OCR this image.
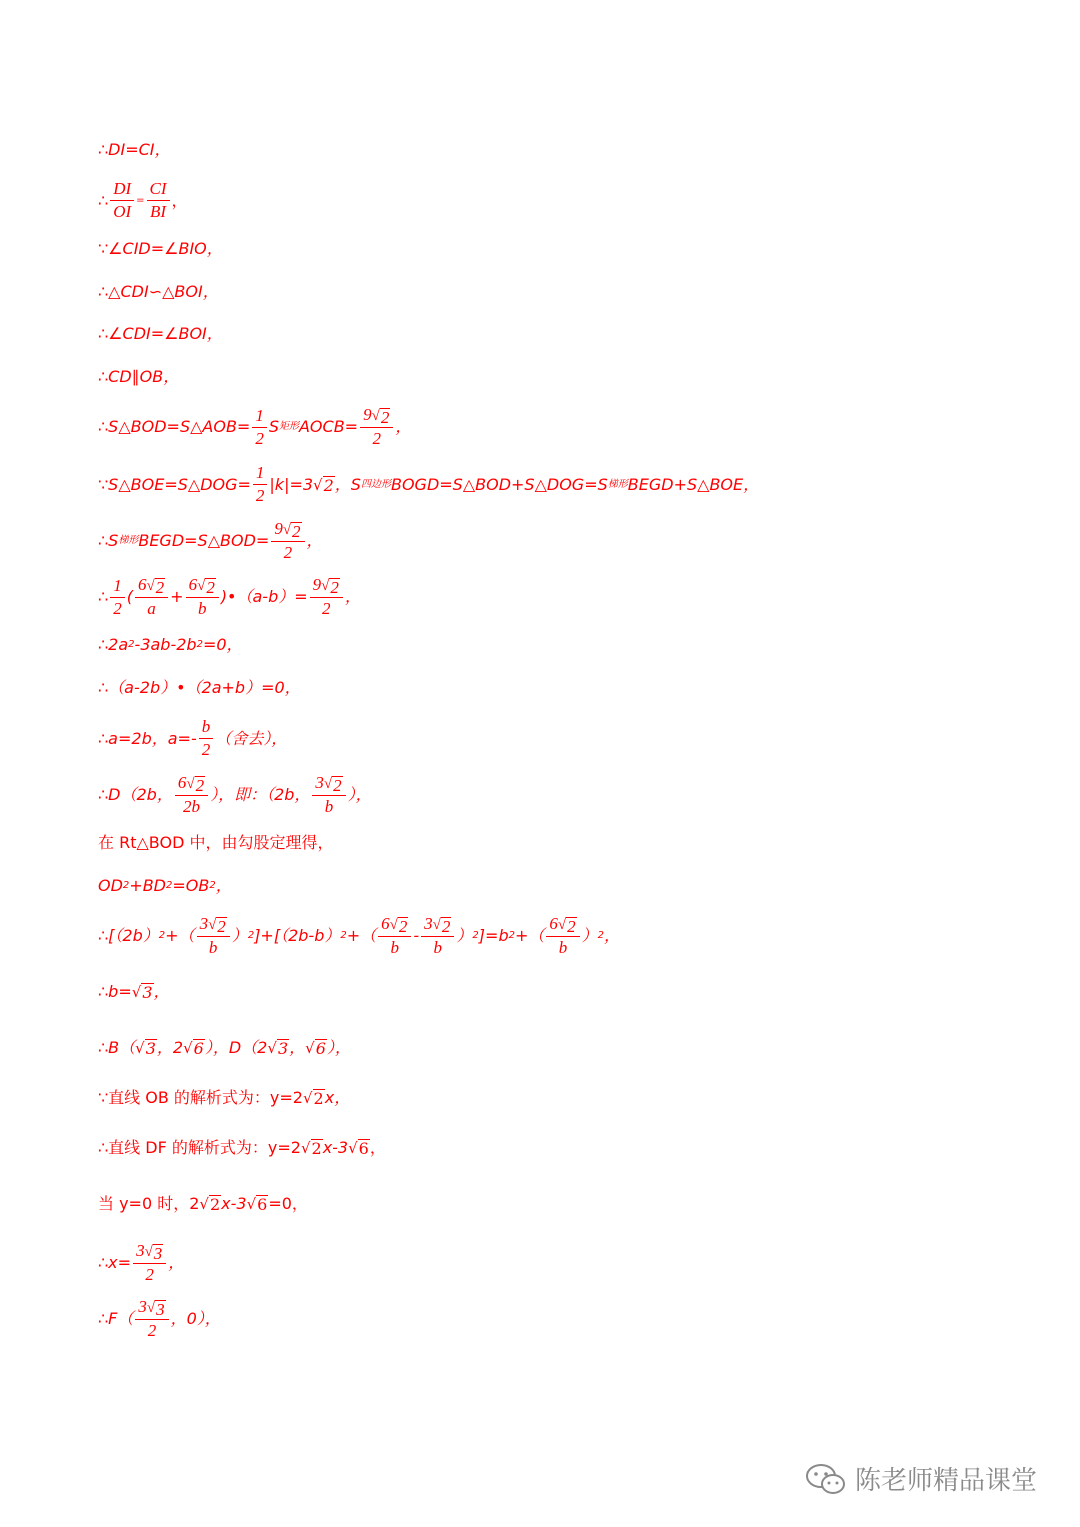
∴DI=CI，
∴ $\frac{DI}{OI} = \frac{CI}{BI}$ ，
∵∠CID=∠BIO，
∴△CDI∽△BOI，
∴∠CDI=∠BOI，
∴CD∥OB，
∴S△BOD=S△AOB= $\frac{1}{2}$ S 矩形 AOCB= $\frac{9 √ 2}{2}$ ，
∵S△BOE=S△DOG= $\frac{1}{2} |k|=3$ √ 2 ，S 四边形 BOGD=S△BOD+S△DOG=S 梯形 BEGD+S△BOE，
∴S 梯形 BEGD=S△BOD= $\frac{9 √ 2}{2}$ ，
∴ $\frac{1}{2}$ ( $\frac{6 √ 2}{a} + \frac{6 √ 2}{b}$ )•（a-b）= $\frac{9 √ 2}{2}$ ，
∴2a 2 -3ab-2b 2 =0，
∴（a-2b）•（2a+b）=0，
∴a=2b，$a=- \frac{b}{2}$ （舍去），
∴D（2b， $\frac{6 √ 2}{2b}$ ），即：（2b， $\frac{3 √ 2}{b}$ ），
在 Rt△BOD 中，由勾股定理得，
OD 2 +BD 2 =OB 2 ，
∴[（2b） 2 +（ $\frac{3 √ 2}{b}$ ） 2 ]+[（2b-b） 2 +（ $\frac{6 √ 2}{b} - \frac{3 √ 2}{b}$ ） 2 ]=b 2 +（ $\frac{6 √ 2}{b}$ ） 2 ，
∴b= √ 3 ，
∴B（ √ 3 ，2 √ 6 ），D（2 √ 3 ， √ 6 ），
∵直线 OB 的解析式为：y=2 √ 2 x，
∴直线 DF 的解析式为：y=2 √ 2 x-3 √ 6 ，
当 y=0 时，2 √ 2 x-3 √ 6 =0，
∴x= $\frac{3 √ 3}{2}$ ，
∴F（ $\frac{3 √ 3}{2}$ ，0），
陈老师精品课堂
